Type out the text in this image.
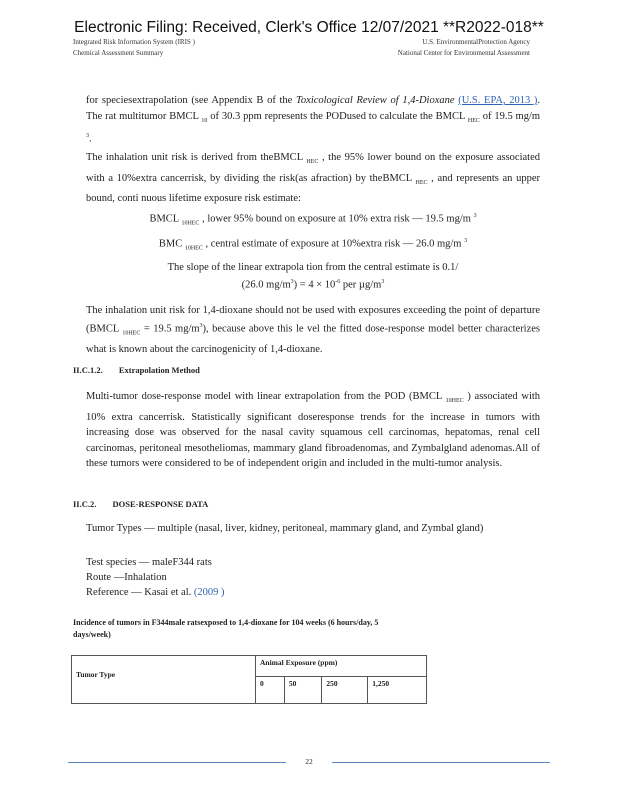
Electronic Filing: Received, Clerk's Office 12/07/2021 **R2022-018**
Integrated Risk Information System (IRIS )
Chemical Assessment Summary
U.S. EnvironmentalProtection Agency
National Center for Environmental Assessment
for speciesextrapolation (see Appendix B of the Toxicological Review of 1,4-Dioxane (U.S. EPA, 2013 ). The rat multitumor BMCL $_{10}$ of 30.3 ppm represents the PODused to calculate the BMCL $_{HEC}$ of 19.5 mg/m $^3$.
The inhalation unit risk is derived from theBMCL $_{HEC}$ , the 95% lower bound on the exposure associated with a 10%extra cancerrisk, by dividing the risk(as afraction) by theBMCL $_{HEC}$ , and represents an upper bound, conti nuous lifetime exposure risk estimate:
BMCL $_{10HEC}$ , lower 95% bound on exposure at 10% extra risk — 19.5 mg/m $^3$
BMC $_{10HEC}$ , central estimate of exposure at 10%extra risk — 26.0 mg/m $^3$
The slope of the linear extrapola tion from the central estimate is 0.1/
(26.0 $mg/m^3) = 4 \times 10^{-6}$ per $\mu g/m^3$
The inhalation unit risk for 1,4-dioxane should not be used with exposures exceeding the point of departure (BMCL $_{10HEC}$ = 19.5 $mg/m^3$), because above this le vel the fitted dose-response model better characterizes what is known about the carcinogenicity of 1,4-dioxane.
II.C.1.2. Extrapolation Method
Multi-tumor dose-response model with linear extrapolation from the POD (BMCL $_{10HEC}$ ) associated with 10% extra cancerrisk. Statistically significant doseresponse trends for the increase in tumors with increasing dose was observed for the nasal cavity squamous cell carcinomas, hepatomas, renal cell carcinomas, peritoneal mesotheliomas, mammary gland fibroadenomas, and Zymbalgland adenomas.All of these tumors were considered to be of independent origin and included in the multi-tumor analysis.
II.C.2. DOSE-RESPONSE DATA
Tumor Types — multiple (nasal, liver, kidney, peritoneal, mammary gland, and Zymbal gland)
Test species — maleF344 rats
Route —Inhalation
Reference — Kasai et al. (2009 )
Incidence of tumors in F344male ratsexposed to 1,4-dioxane for 104 weeks (6 hours/day, 5 days/week)
Tumor Type	Animal Exposure (ppm)			
	0	50	250	1,250
22
